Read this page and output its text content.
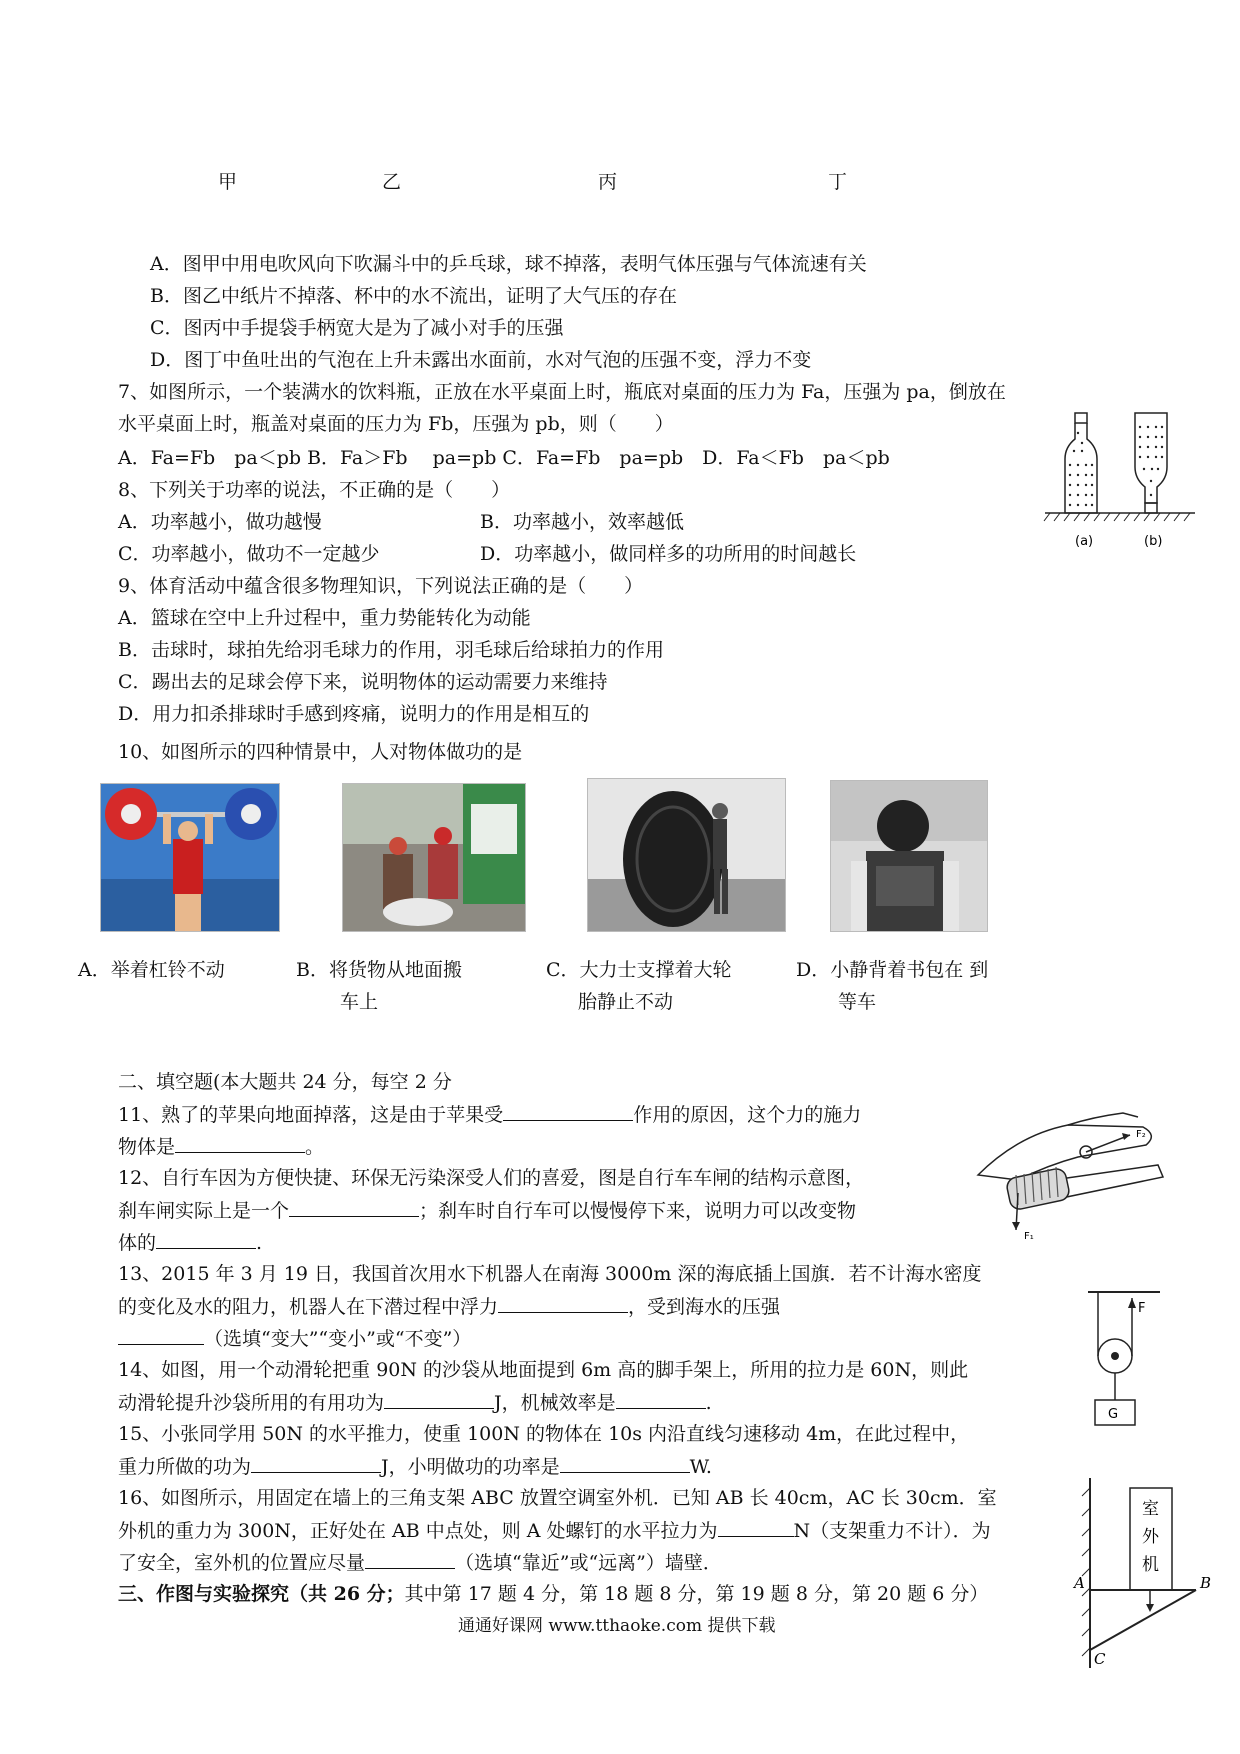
甲	乙	丙	丁
A．图甲中用电吹风向下吹漏斗中的乒乓球，球不掉落，表明气体压强与气体流速有关
B．图乙中纸片不掉落、杯中的水不流出，证明了大气压的存在
C．图丙中手提袋手柄宽大是为了减小对手的压强
D．图丁中鱼吐出的气泡在上升未露出水面前，水对气泡的压强不变，浮力不变
7、如图所示，一个装满水的饮料瓶，正放在水平桌面上时，瓶底对桌面的压力为 Fa，压强为 pa，倒放在
水平桌面上时，瓶盖对桌面的压力为 Fb，压强为 pb，则（　　）
A．Fa=Fb　pa＜pb B．Fa＞Fb　 pa=pb C．Fa=Fb　pa=pb　D．Fa＜Fb　pa＜pb
(a)	(b)
8、下列关于功率的说法，不正确的是（　　）
A．功率越小，做功越慢	B．功率越小，效率越低
C．功率越小，做功不一定越少	D．功率越小，做同样多的功所用的时间越长
9、体育活动中蕴含很多物理知识，下列说法正确的是（　　）
A．篮球在空中上升过程中，重力势能转化为动能
B．击球时，球拍先给羽毛球力的作用，羽毛球后给球拍力的作用
C．踢出去的足球会停下来，说明物体的运动需要力来维持
D．用力扣杀排球时手感到疼痛，说明力的作用是相互的
10、如图所示的四种情景中，人对物体做功的是
A．举着杠铃不动	B．将货物从地面搬
车上
C．大力士支撑着大轮
胎静止不动
D．小静背着书包在 到
等车
二、填空题(本大题共 24 分，每空 2 分
11、熟了的苹果向地面掉落，这是由于苹果受	作用的原因，这个力的施力
物体是	。
F₂
F₁
12、自行车因为方便快捷、环保无污染深受人们的喜爱，图是自行车车闸的结构示意图，
刹车闸实际上是一个	；刹车时自行车可以慢慢停下来，说明力可以改变物
体的	.
13、2015 年 3 月 19 日，我国首次用水下机器人在南海 3000m 深的海底插上国旗．若不计海水密度
的变化及水的阻力，机器人在下潜过程中浮力	，受到海水的压强
（选填“变大”“变小”或“不变”）
F
G
14、如图，用一个动滑轮把重 90N 的沙袋从地面提到 6m 高的脚手架上，所用的拉力是 60N，则此
动滑轮提升沙袋所用的有用功为	J，机械效率是	.
15、小张同学用 50N 的水平推力，使重 100N 的物体在 10s 内沿直线匀速移动 4m，在此过程中，
重力所做的功为	J，小明做功的功率是	W.
16、如图所示，用固定在墙上的三角支架 ABC 放置空调室外机．已知 AB 长 40cm，AC 长 30cm．室
外机的重力为 300N，正好处在 AB 中点处，则 A 处螺钉的水平拉力为	N（支架重力不计）．为
了安全，室外机的位置应尽量	（选填“靠近”或“远离”）墙壁．
室
外
机
A	B
C
三、作图与实验探究（共 26 分；其中第 17 题 4 分，第 18 题 8 分，第 19 题 8 分，第 20 题 6 分）
通通好课网 www.tthaoke.com 提供下载
